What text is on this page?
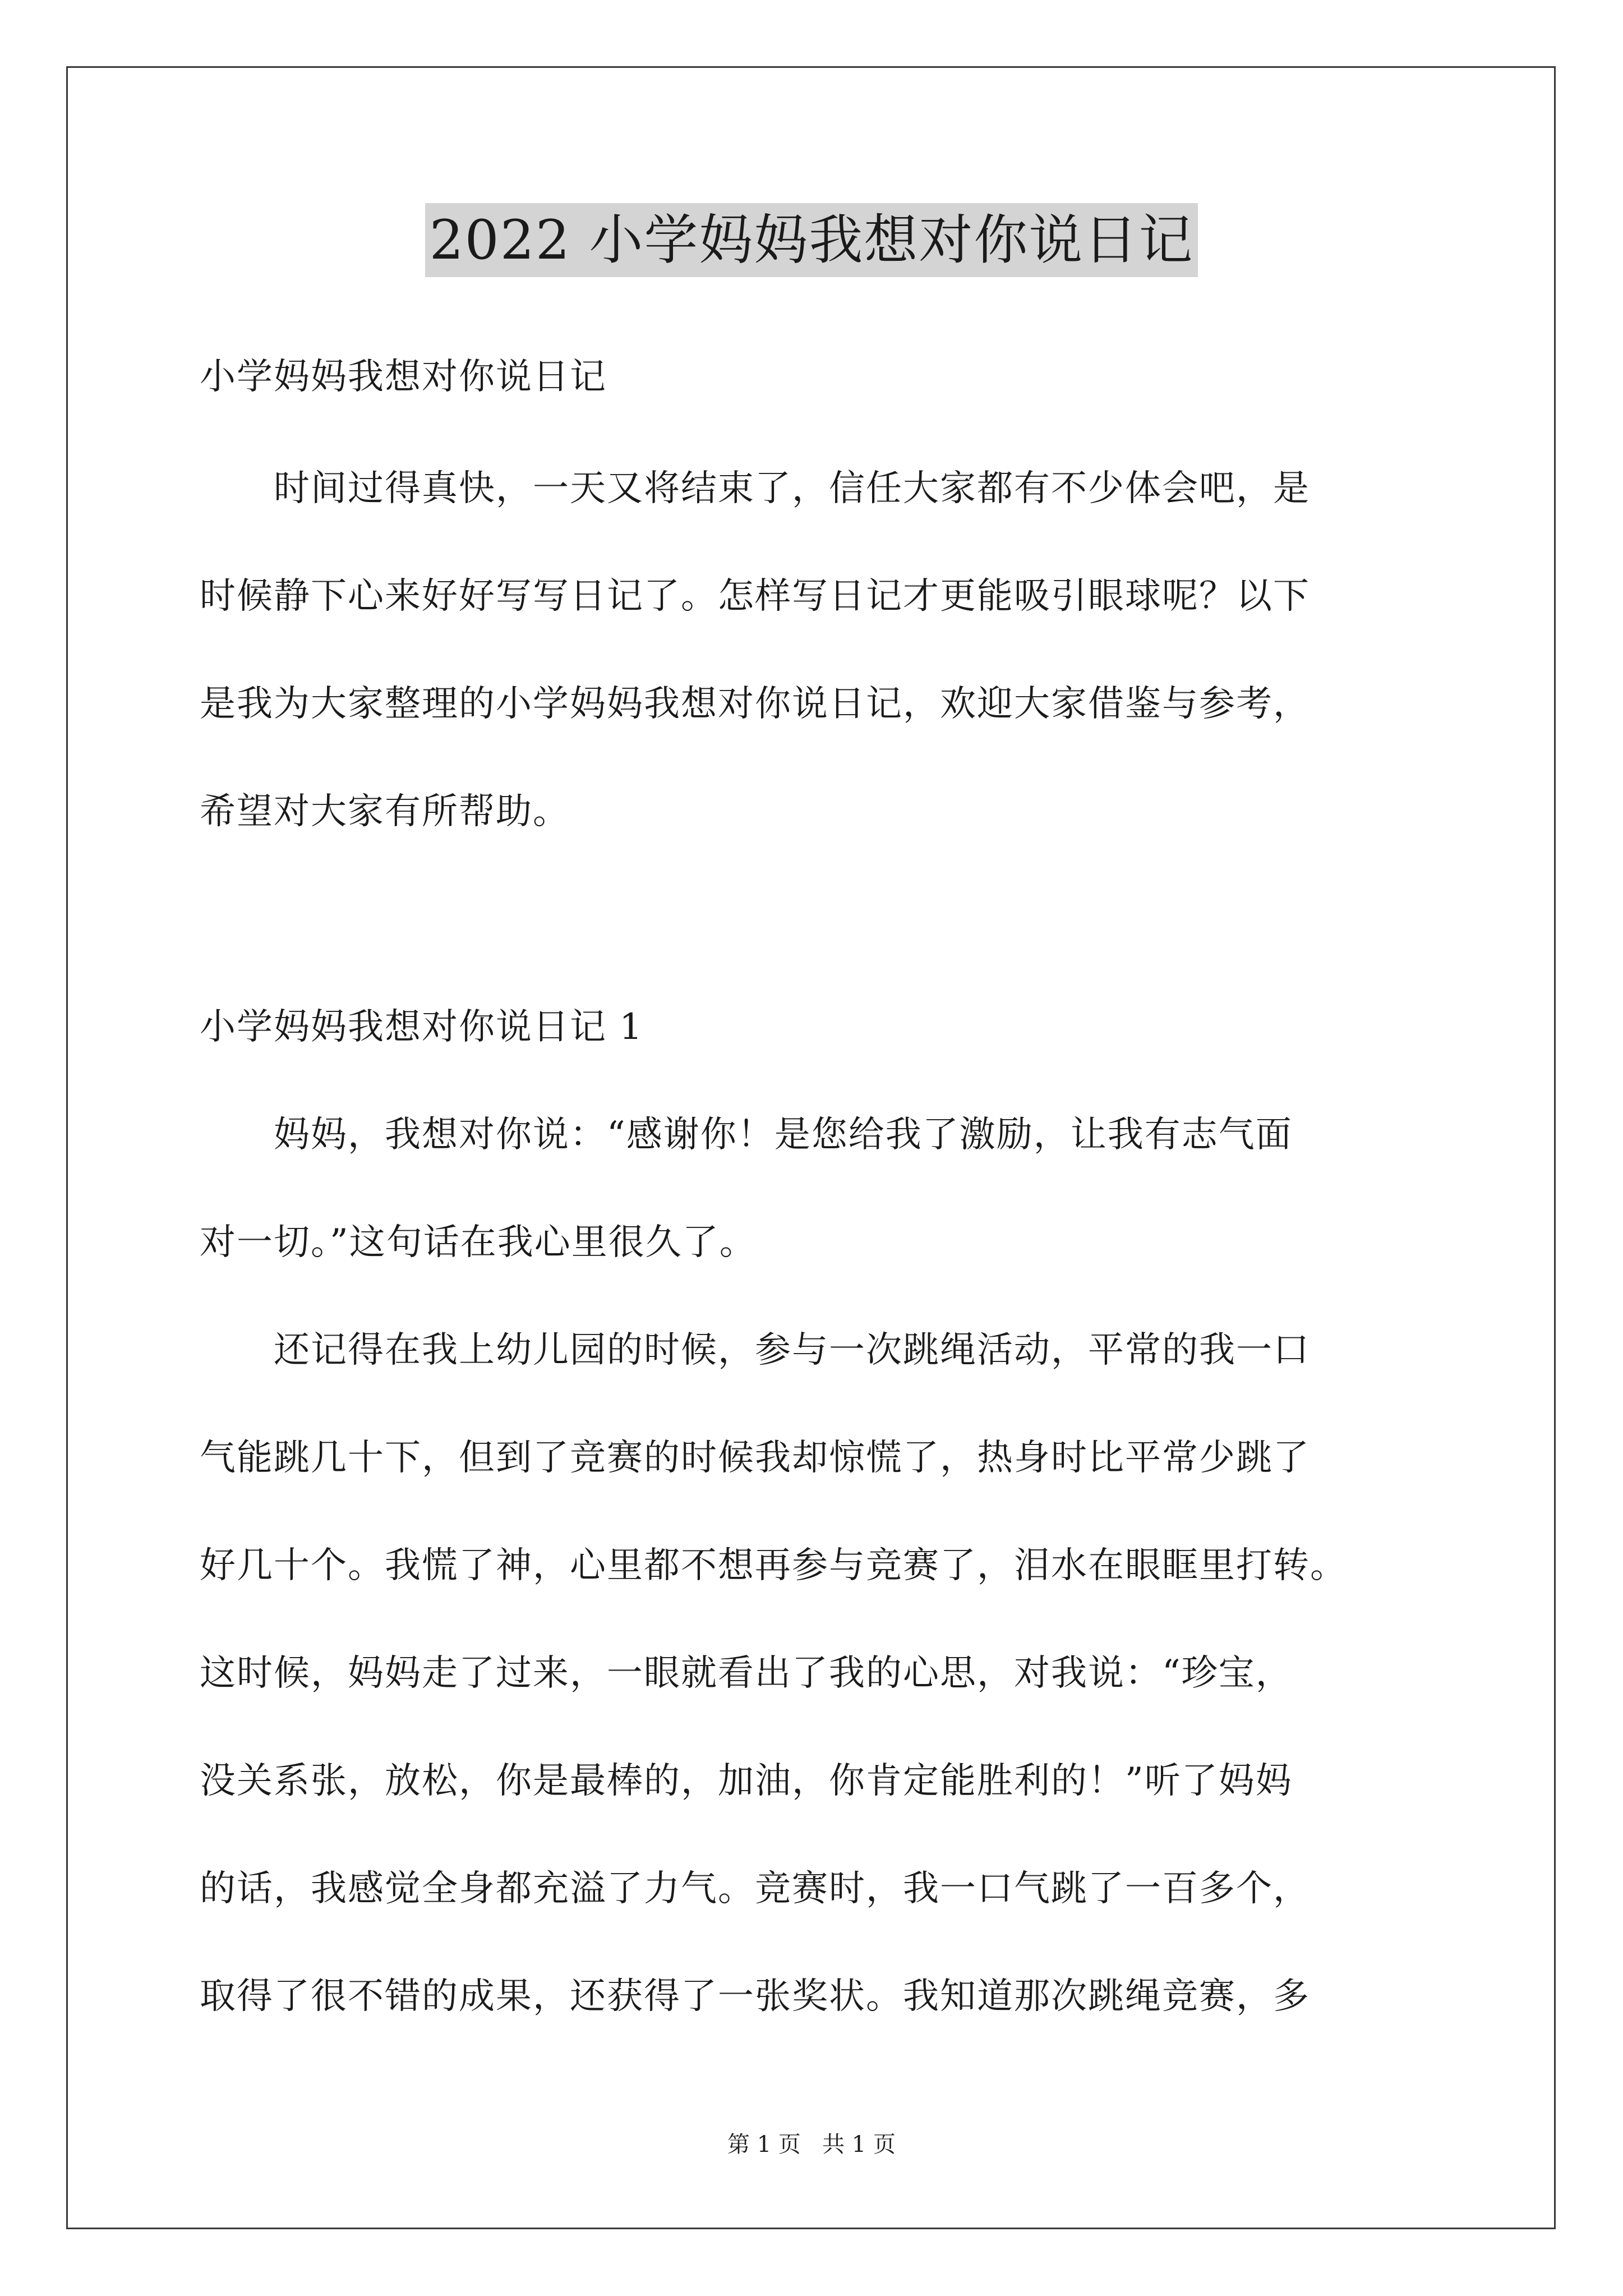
2022 小学妈妈我想对你说日记
小学妈妈我想对你说日记
　　时间过得真快，一天又将结束了，信任大家都有不少体会吧，是
时候静下心来好好写写日记了。怎样写日记才更能吸引眼球呢？以下
是我为大家整理的小学妈妈我想对你说日记，欢迎大家借鉴与参考，
希望对大家有所帮助。
小学妈妈我想对你说日记 1
　　妈妈，我想对你说：“感谢你！是您给我了激励，让我有志气面
对一切。”这句话在我心里很久了。
　　还记得在我上幼儿园的时候，参与一次跳绳活动，平常的我一口
气能跳几十下，但到了竞赛的时候我却惊慌了，热身时比平常少跳了
好几十个。我慌了神，心里都不想再参与竞赛了，泪水在眼眶里打转。
这时候，妈妈走了过来，一眼就看出了我的心思，对我说：“珍宝，
没关系张，放松，你是最棒的，加油，你肯定能胜利的！”听了妈妈
的话，我感觉全身都充溢了力气。竞赛时，我一口气跳了一百多个，
取得了很不错的成果，还获得了一张奖状。我知道那次跳绳竞赛，多
第 1 页   共 1 页
